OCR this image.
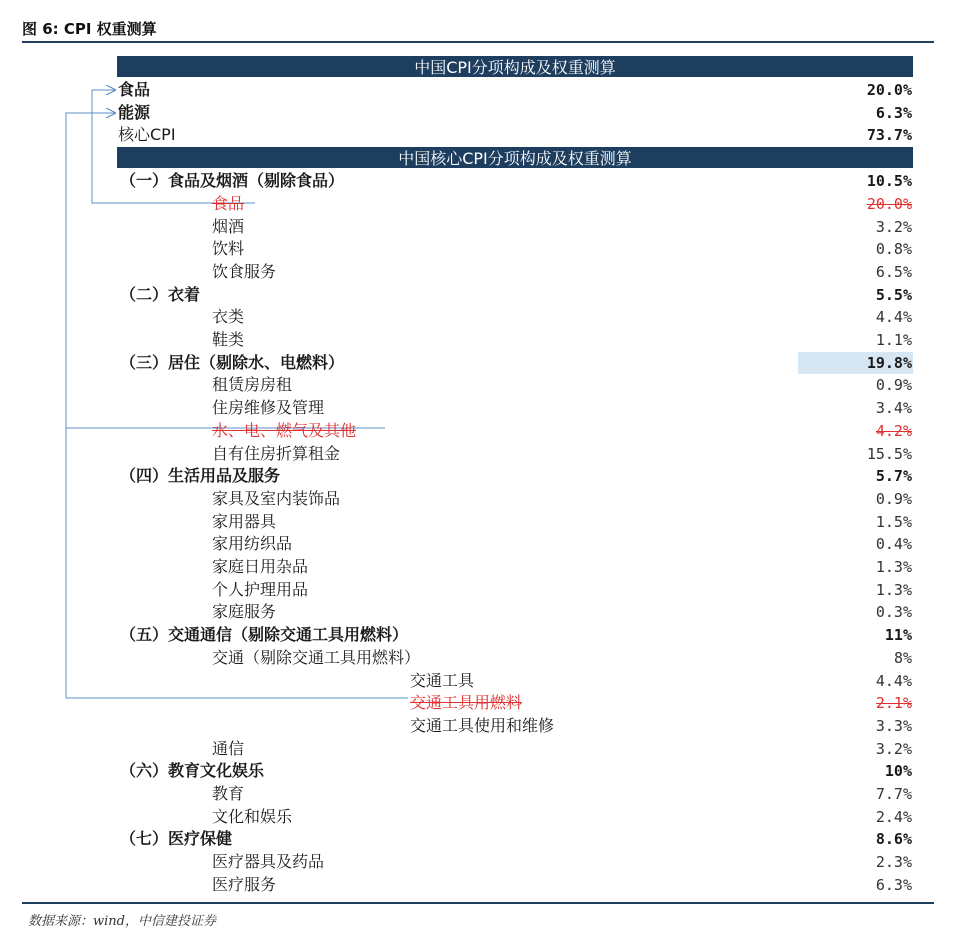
图 6: CPI 权重测算
中国CPI分项构成及权重测算
食品	20.0%
能源	6.3%
核心CPI	73.7%
中国核心CPI分项构成及权重测算
（一）食品及烟酒（剔除食品）	10.5%
食品	20.0%
烟酒	3.2%
饮料	0.8%
饮食服务	6.5%
（二）衣着	5.5%
衣类	4.4%
鞋类	1.1%
（三）居住（剔除水、电燃料）	19.8%
租赁房房租	0.9%
住房维修及管理	3.4%
水、电、燃气及其他	4.2%
自有住房折算租金	15.5%
（四）生活用品及服务	5.7%
家具及室内装饰品	0.9%
家用器具	1.5%
家用纺织品	0.4%
家庭日用杂品	1.3%
个人护理用品	1.3%
家庭服务	0.3%
（五）交通通信（剔除交通工具用燃料）	11%
交通（剔除交通工具用燃料）	8%
交通工具	4.4%
交通工具用燃料	2.1%
交通工具使用和维修	3.3%
通信	3.2%
（六）教育文化娱乐	10%
教育	7.7%
文化和娱乐	2.4%
（七）医疗保健	8.6%
医疗器具及药品	2.3%
医疗服务	6.3%
数据来源：wind，中信建投证券
